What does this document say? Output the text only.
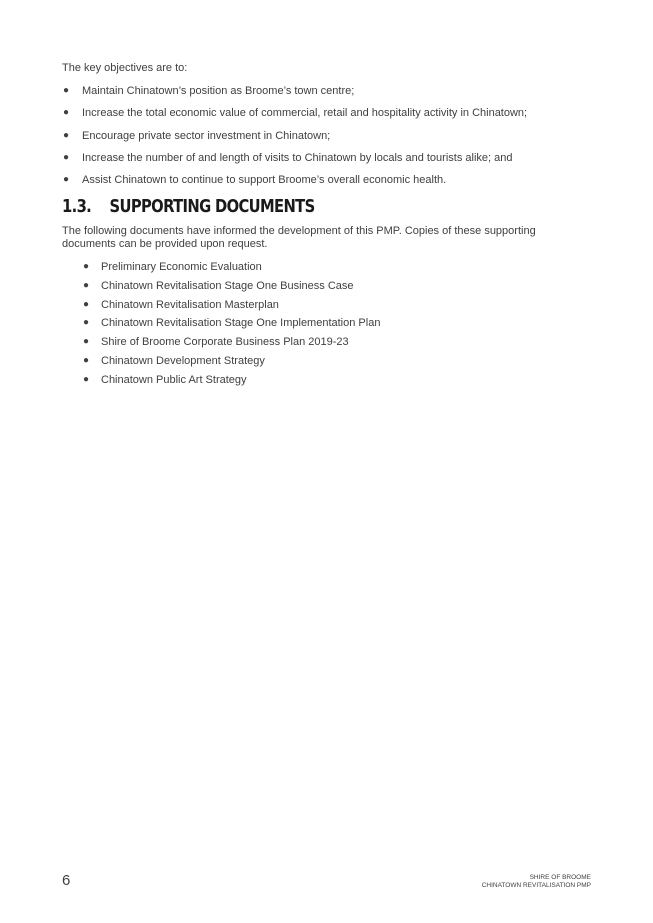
The key objectives are to:

● Maintain Chinatown’s position as Broome’s town centre;
● Increase the total economic value of commercial, retail and hospitality activity in Chinatown;
● Encourage private sector investment in Chinatown;
● Increase the number of and length of visits to Chinatown by locals and tourists alike; and
● Assist Chinatown to continue to support Broome’s overall economic health.
1.3. SUPPORTING DOCUMENTS

The following documents have informed the development of this PMP. Copies of these supporting documents can be provided upon request.

● Preliminary Economic Evaluation
● Chinatown Revitalisation Stage One Business Case
● Chinatown Revitalisation Masterplan
● Chinatown Revitalisation Stage One Implementation Plan
● Shire of Broome Corporate Business Plan 2019-23
● Chinatown Development Strategy
● Chinatown Public Art Strategy
6	SHIRE OF BROOME
CHINATOWN REVITALISATION PMP
